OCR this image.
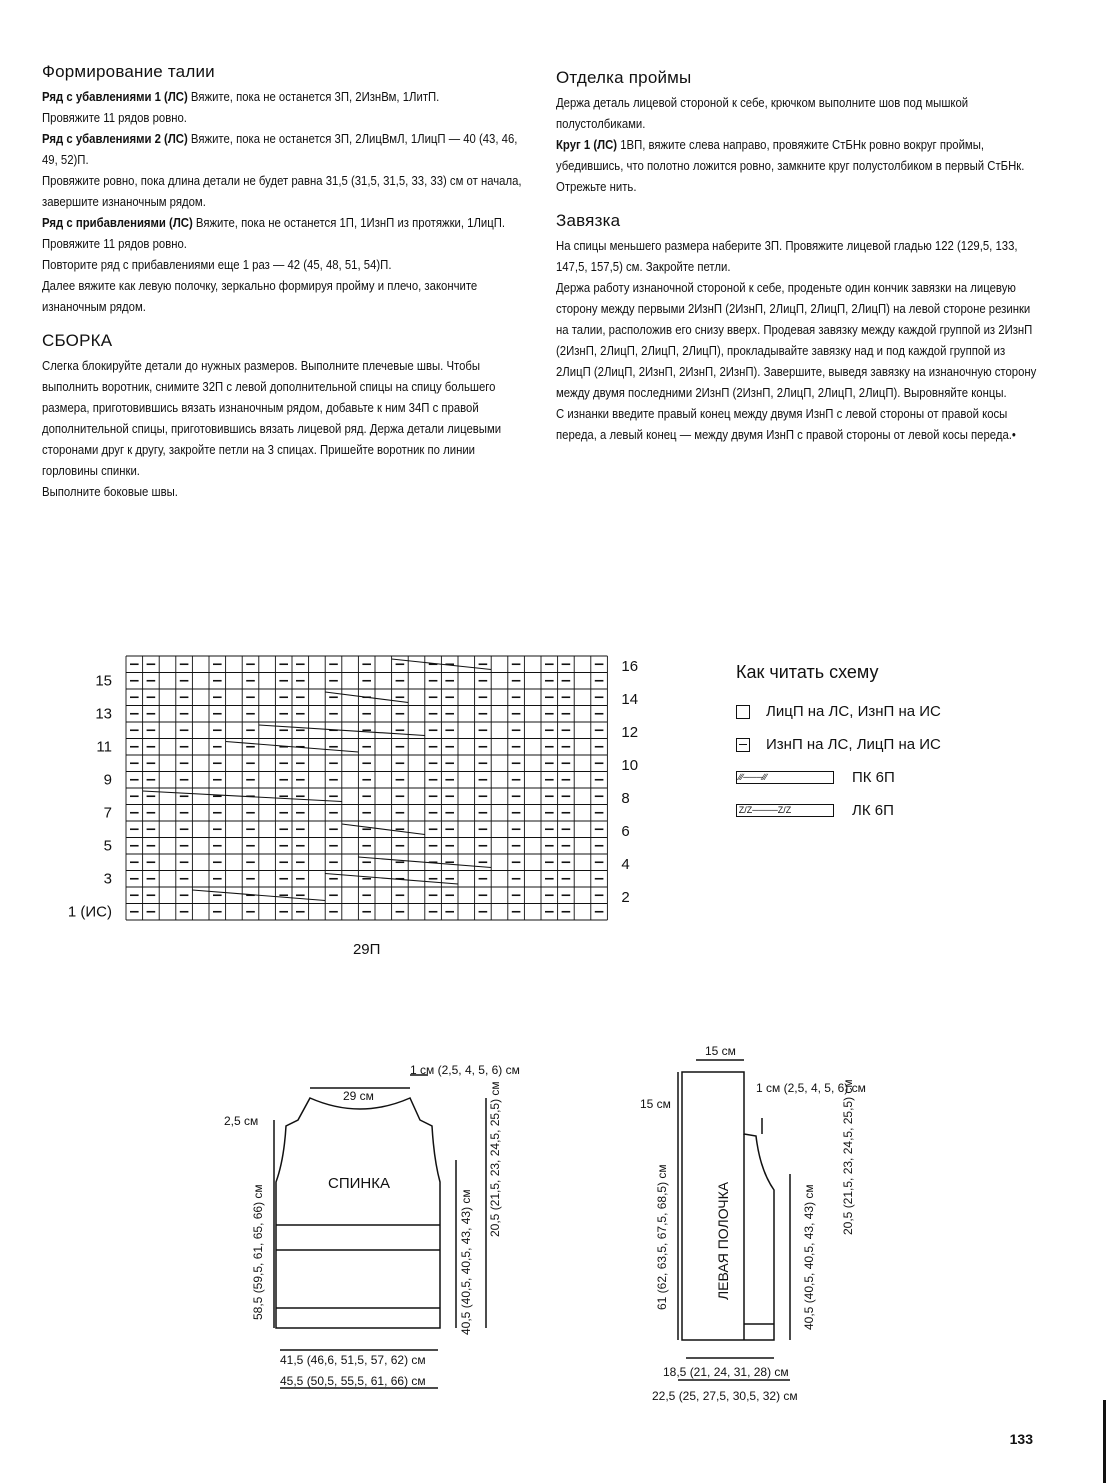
Формирование талии

Ряд с убавлениями 1 (ЛС) Вяжите, пока не останется 3П, 2ИзнВм, 1ЛитП.

Провяжите 11 рядов ровно.

Ряд с убавлениями 2 (ЛС) Вяжите, пока не останется 3П, 2ЛицВмЛ, 1ЛицП — 40 (43, 46, 49, 52)П.

Провяжите ровно, пока длина детали не будет равна 31,5 (31,5, 31,5, 33, 33) см от начала, завершите изнаночным рядом.

Ряд с прибавлениями (ЛС) Вяжите, пока не останется 1П, 1ИзнП из протяжки, 1ЛицП.

Провяжите 11 рядов ровно.

Повторите ряд с прибавлениями еще 1 раз — 42 (45, 48, 51, 54)П.

Далее вяжите как левую полочку, зеркально формируя пройму и плечо, закончите изнаночным рядом.

СБОРКА

Слегка блокируйте детали до нужных размеров. Выполните плечевые швы. Чтобы выполнить воротник, снимите 32П с левой дополнительной спицы на спицу большего размера, приготовившись вязать изнаночным рядом, добавьте к ним 34П с правой дополнительной спицы, приготовившись вязать лицевой ряд. Держа детали лицевыми сторонами друг к другу, закройте петли на 3 спицах. Пришейте воротник по линии горловины спинки.

Выполните боковые швы.

Отделка проймы

Держа деталь лицевой стороной к себе, крючком выполните шов под мышкой полустолбиками.

Круг 1 (ЛС) 1ВП, вяжите слева направо, провяжите СтБНк ровно вокруг проймы, убедившись, что полотно ложится ровно, замкните круг полустолбиком в первый СтБНк. Отрежьте нить.

Завязка

На спицы меньшего размера наберите 3П. Провяжите лицевой гладью 122 (129,5, 133, 147,5, 157,5) см. Закройте петли.

Держа работу изнаночной стороной к себе, проденьте один кончик завязки на лицевую сторону между первыми 2ИзнП (2ИзнП, 2ЛицП, 2ЛицП, 2ЛицП) на левой стороне резинки на талии, расположив его снизу вверх. Продевая завязку между каждой группой из 2ИзнП (2ИзнП, 2ЛицП, 2ЛицП, 2ЛицП), прокладывайте завязку над и под каждой группой из 2ЛицП (2ЛицП, 2ИзнП, 2ИзнП, 2ИзнП). Завершите, выведя завязку на изнаночную сторону между двумя последними 2ИзнП (2ИзнП, 2ЛицП, 2ЛицП, 2ЛицП). Выровняйте концы.

С изнанки введите правый конец между двумя ИзнП с левой стороны от правой косы переда, а левый конец — между двумя ИзнП с правой стороны от левой косы переда.•

15
13
11
9
7
5
3
1 (ИС)
16
14
12
10
8
6
4
2
29П
Как читать схему
ЛицП на ЛС, ИзнП на ИС
ИзнП на ЛС, ЛицП на ИС
 ∕∕∕───∕∕∕	ПК 6П
 Z/Z────Z/Z	ЛК 6П
СПИНКА
29 см
1 см (2,5, 4, 5, 6) см
2,5 см	20,5 (21,5, 23, 24,5, 25,5) см
58,5 (59,5, 61, 65, 66) см	40,5 (40,5, 40,5, 43, 43) см
41,5 (46,6, 51,5, 57, 62) см
45,5 (50,5, 55,5, 61, 66) см
ЛЕВАЯ ПОЛОЧКА
15 см
15 см
1 см (2,5, 4, 5, 6) см
20,5 (21,5, 23, 24,5, 25,5) см
61 (62, 63,5, 67,5, 68,5) см	40,5 (40,5, 40,5, 43, 43) см
18,5 (21, 24, 31, 28) см
22,5 (25, 27,5, 30,5, 32) см
133
